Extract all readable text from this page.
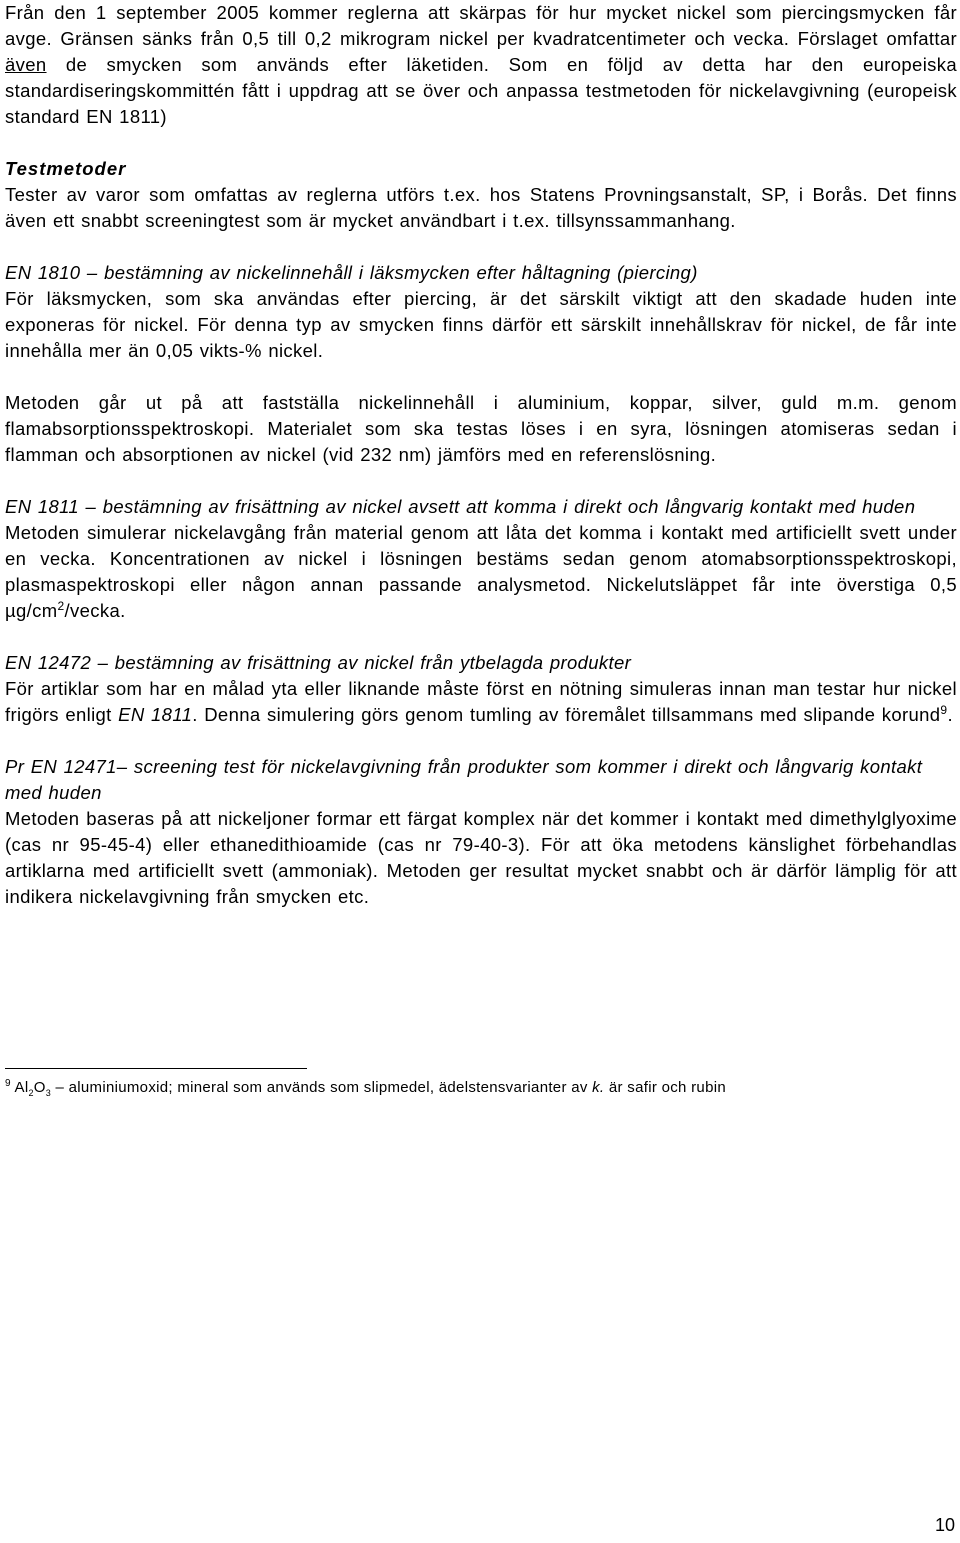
Från den 1 september 2005 kommer reglerna att skärpas för hur mycket nickel som piercingsmycken får avge. Gränsen sänks från 0,5 till 0,2 mikrogram nickel per kvadratcentimeter och vecka. Förslaget omfattar även de smycken som används efter läketiden. Som en följd av detta har den europeiska standardiseringskommittén fått i uppdrag att se över och anpassa testmetoden för nickelavgivning (europeisk standard EN 1811)

Testmetoder

Tester av varor som omfattas av reglerna utförs t.ex. hos Statens Provningsanstalt, SP, i Borås. Det finns även ett snabbt screeningtest som är mycket användbart i t.ex. tillsynssammanhang.

EN 1810 – bestämning av nickelinnehåll i läksmycken efter håltagning (piercing)

För läksmycken, som ska användas efter piercing, är det särskilt viktigt att den skadade huden inte exponeras för nickel. För denna typ av smycken finns därför ett särskilt innehållskrav för nickel, de får inte innehålla mer än 0,05 vikts-% nickel.

Metoden går ut på att fastställa nickelinnehåll i aluminium, koppar, silver, guld m.m. genom flamabsorptionsspektroskopi. Materialet som ska testas löses i en syra, lösningen atomiseras sedan i flamman och absorptionen av nickel (vid 232 nm) jämförs med en referenslösning.

EN 1811 – bestämning av frisättning av nickel avsett att komma i direkt och långvarig kontakt med huden

Metoden simulerar nickelavgång från material genom att låta det komma i kontakt med artificiellt svett under en vecka. Koncentrationen av nickel i lösningen bestäms sedan genom atomabsorptionsspektroskopi, plasmaspektroskopi eller någon annan passande analysmetod. Nickelutsläppet får inte överstiga 0,5 $\mu g/cm^2$/vecka.

EN 12472 – bestämning av frisättning av nickel från ytbelagda produkter

För artiklar som har en målad yta eller liknande måste först en nötning simuleras innan man testar hur nickel frigörs enligt EN 1811. Denna simulering görs genom tumling av föremålet tillsammans med slipande korund$^9$.

Pr EN 12471– screening test för nickelavgivning från produkter som kommer i direkt och långvarig kontakt med huden

Metoden baseras på att nickeljoner formar ett färgat komplex när det kommer i kontakt med dimethylglyoxime (cas nr 95-45-4) eller ethanedithioamide (cas nr 79-40-3). För att öka metodens känslighet förbehandlas artiklarna med artificiellt svett (ammoniak). Metoden ger resultat mycket snabbt och är därför lämplig för att indikera nickelavgivning från smycken etc.

$^9$ $Al_2O_3$ – aluminiumoxid; mineral som används som slipmedel, ädelstensvarianter av k. är safir och rubin
10
